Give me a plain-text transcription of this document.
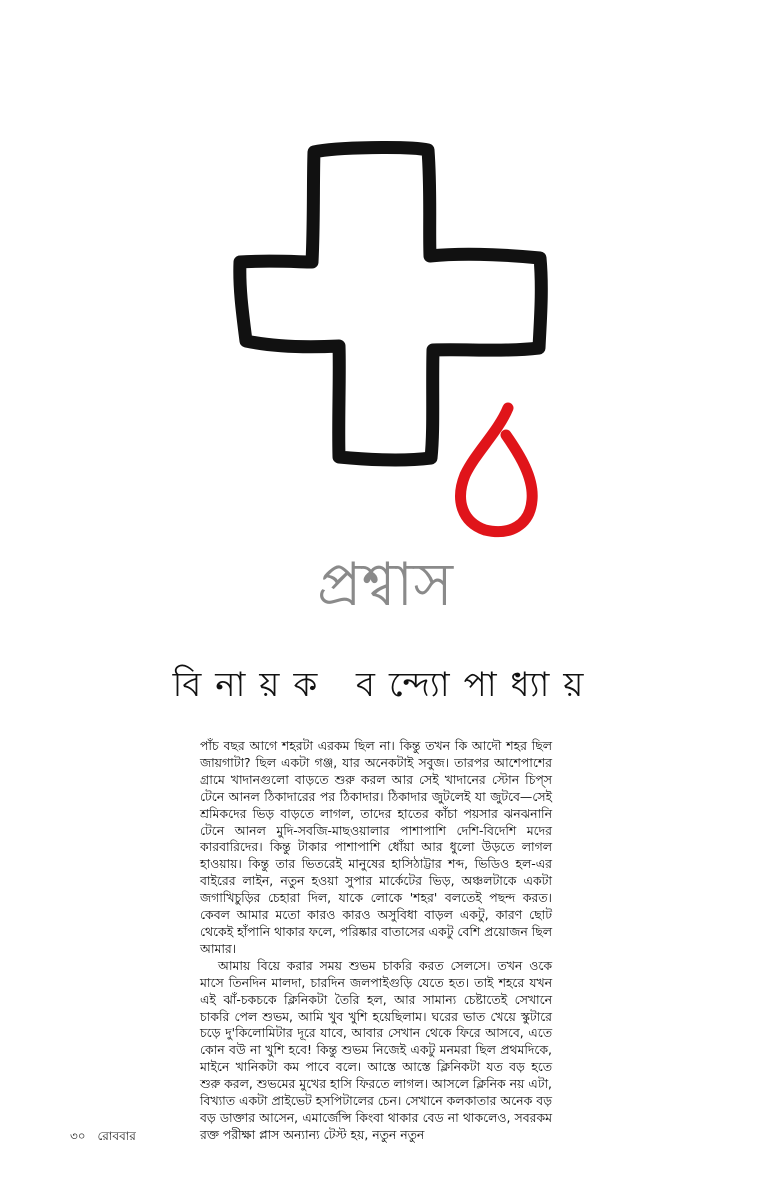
প্রশ্বাস
বিনায়ক বন্দ্যোপাধ্যায়

পাঁচ বছর আগে শহরটা এরকম ছিল না। কিন্তু তখন কি আদৌ শহর ছিল জায়গাটা? ছিল একটা গঞ্জ, যার অনেকটাই সবুজ। তারপর আশেপাশের গ্রামে খাদানগুলো বাড়তে শুরু করল আর সেই খাদানের স্টোন চিপ্‌স টেনে আনল ঠিকাদারের পর ঠিকাদার। ঠিকাদার জুটলেই যা জুটবে—সেই শ্রমিকদের ভিড় বাড়তে লাগল, তাদের হাতের কাঁচা পয়সার ঝনঝনানি টেনে আনল মুদি-সবজি-মাছওয়ালার পাশাপাশি দেশি-বিদেশি মদের কারবারিদের। কিন্তু টাকার পাশাপাশি ধোঁয়া আর ধুলো উড়তে লাগল হাওয়ায়। কিন্তু তার ভিতরেই মানুষের হাসিঠাট্টার শব্দ, ভিডিও হল-এর বাইরের লাইন, নতুন হওয়া সুপার মার্কেটের ভিড়, অঞ্চলটাকে একটা জগাখিচুড়ির চেহারা দিল, যাকে লোকে 'শহর' বলতেই পছন্দ করত। কেবল আমার মতো কারও কারও অসুবিধা বাড়ল একটু, কারণ ছোট থেকেই হাঁপানি থাকার ফলে, পরিষ্কার বাতাসের একটু বেশি প্রয়োজন ছিল আমার।

আমায় বিয়ে করার সময় শুভম চাকরি করত সেলসে। তখন ওকে মাসে তিনদিন মালদা, চারদিন জলপাইগুড়ি যেতে হত। তাই শহরে যখন এই ঝাঁ-চকচকে ক্লিনিকটা তৈরি হল, আর সামান্য চেষ্টাতেই সেখানে চাকরি পেল শুভম, আমি খুব খুশি হয়েছিলাম। ঘরের ভাত খেয়ে স্কুটারে চড়ে দু'কিলোমিটার দূরে যাবে, আবার সেখান থেকে ফিরে আসবে, এতে কোন বউ না খুশি হবে! কিন্তু শুভম নিজেই একটু মনমরা ছিল প্রথমদিকে, মাইনে খানিকটা কম পাবে বলে। আস্তে আস্তে ক্লিনিকটা যত বড় হতে শুরু করল, শুভমের মুখের হাসি ফিরতে লাগল। আসলে ক্লিনিক নয় এটা, বিখ্যাত একটা প্রাইভেট হসপিটালের চেন। সেখানে কলকাতার অনেক বড় বড় ডাক্তার আসেন, এমার্জেন্সি কিংবা থাকার বেড না থাকলেও, সবরকম রক্ত পরীক্ষা প্লাস অন্যান্য টেস্ট হয়, নতুন নতুন

৩০ রোববার
